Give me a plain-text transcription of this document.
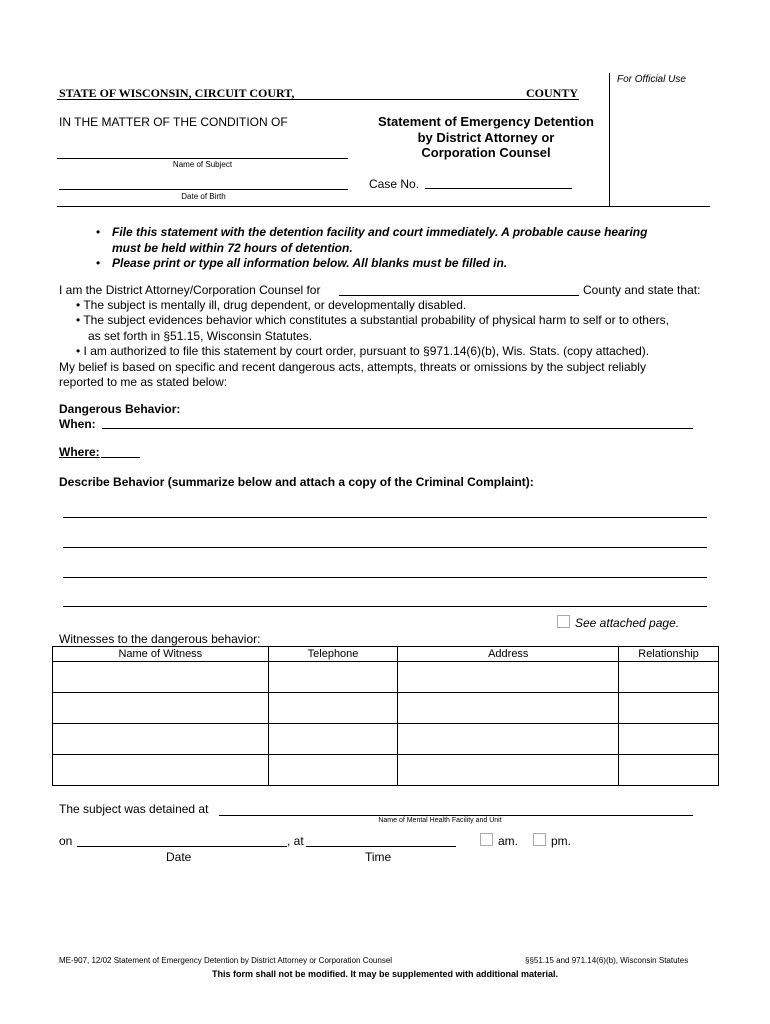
For Official Use
STATE OF WISCONSIN, CIRCUIT COURT,	COUNTY
IN THE MATTER OF THE CONDITION OF	Statement of Emergency Detention
by District Attorney or
Corporation Counsel
Name of Subject
Date of Birth
Case No.
• File this statement with the detention facility and court immediately. A probable cause hearing
must be held within 72 hours of detention.
• Please print or type all information below. All blanks must be filled in.
I am the District Attorney/Corporation Counsel for	County and state that:
• The subject is mentally ill, drug dependent, or developmentally disabled.
• The subject evidences behavior which constitutes a substantial probability of physical harm to self or to others,
as set forth in §51.15, Wisconsin Statutes.
• I am authorized to file this statement by court order, pursuant to §971.14(6)(b), Wis. Stats. (copy attached).
My belief is based on specific and recent dangerous acts, attempts, threats or omissions by the subject reliably
reported to me as stated below:
Dangerous Behavior:
When:
Where:
Describe Behavior (summarize below and attach a copy of the Criminal Complaint):
See attached page.
Witnesses to the dangerous behavior:
Name of Witness	Telephone	Address	Relationship

The subject was detained at
Name of Mental Health Facility and Unit
on	, at	am.	pm.
Date	Time
ME-907, 12/02 Statement of Emergency Detention by District Attorney or Corporation Counsel	§§51.15 and 971.14(6)(b), Wisconsin Statutes
This form shall not be modified. It may be supplemented with additional material.
